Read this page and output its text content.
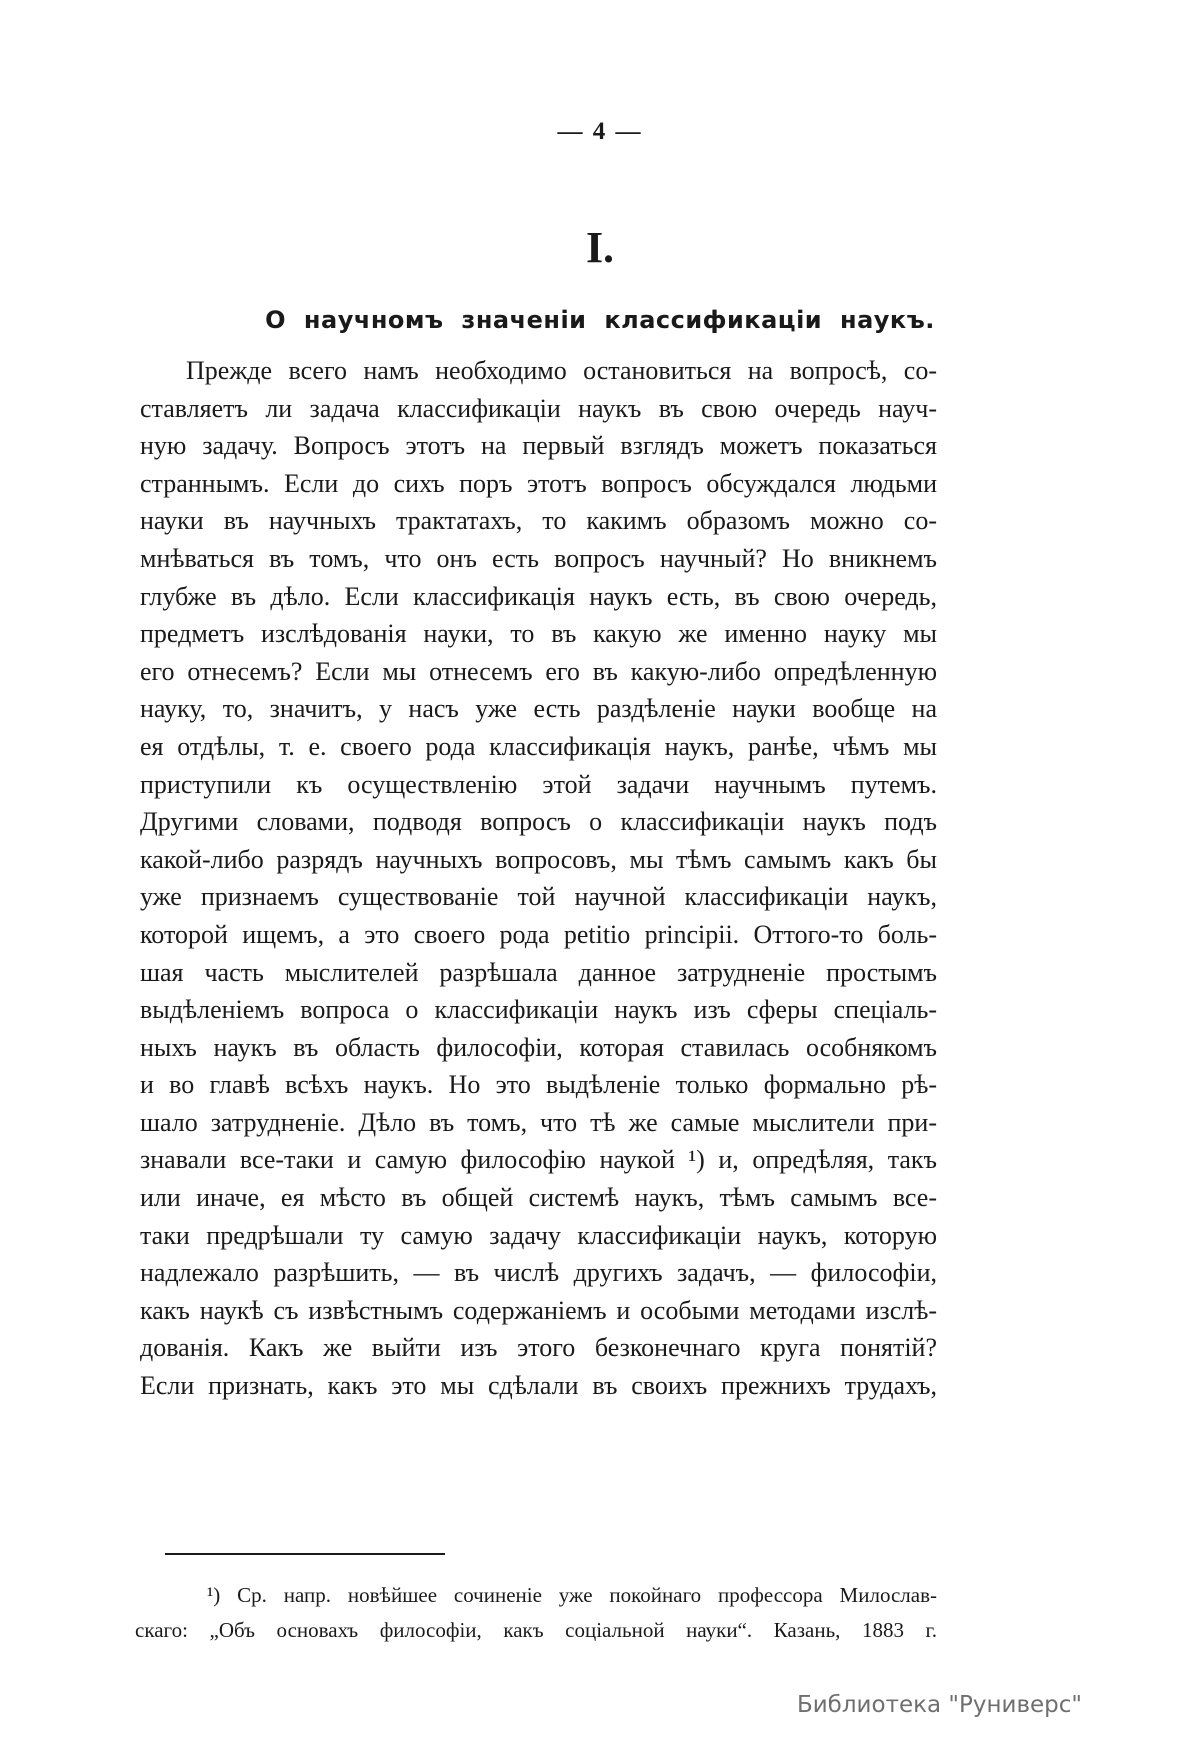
— 4 —
I.
О научномъ значеніи классификаціи наукъ.
Прежде всего намъ необходимо остановиться на вопросѣ, со-
ставляетъ ли задача классификаціи наукъ въ свою очередь науч-
ную задачу. Вопросъ этотъ на первый взглядъ можетъ показаться
страннымъ. Если до сихъ поръ этотъ вопросъ обсуждался людьми
науки въ научныхъ трактатахъ, то какимъ образомъ можно со-
мнѣваться въ томъ, что онъ есть вопросъ научный? Но вникнемъ
глубже въ дѣло. Если классификація наукъ есть, въ свою очередь,
предметъ изслѣдованія науки, то въ какую же именно науку мы
его отнесемъ? Если мы отнесемъ его въ какую-либо опредѣленную
науку, то, значитъ, у насъ уже есть раздѣленіе науки вообще на
ея отдѣлы, т. е. своего рода классификація наукъ, ранѣе, чѣмъ мы
приступили къ осуществленію этой задачи научнымъ путемъ.
Другими словами, подводя вопросъ о классификаціи наукъ подъ
какой-либо разрядъ научныхъ вопросовъ, мы тѣмъ самымъ какъ бы
уже признаемъ существованіе той научной классификаціи наукъ,
которой ищемъ, а это своего рода petitio principii. Оттого-то боль-
шая часть мыслителей разрѣшала данное затрудненіе простымъ
выдѣленіемъ вопроса о классификаціи наукъ изъ сферы спеціаль-
ныхъ наукъ въ область философіи, которая ставилась особнякомъ
и во главѣ всѣхъ наукъ. Но это выдѣленіе только формально рѣ-
шало затрудненіе. Дѣло въ томъ, что тѣ же самые мыслители при-
знавали все-таки и самую философію наукой ¹) и, опредѣляя, такъ
или иначе, ея мѣсто въ общей системѣ наукъ, тѣмъ самымъ все-
таки предрѣшали ту самую задачу классификаціи наукъ, которую
надлежало разрѣшить, — въ числѣ другихъ задачъ, — философіи,
какъ наукѣ съ извѣстнымъ содержаніемъ и особыми методами изслѣ-
дованія. Какъ же выйти изъ этого безконечнаго круга понятій?
Если признать, какъ это мы сдѣлали въ своихъ прежнихъ трудахъ,
¹) Ср. напр. новѣйшее сочиненіе уже покойнаго профессора Милослав-
скаго: „Объ основахъ философіи, какъ соціальной науки“. Казань, 1883 г.
Библиотека "Руниверс"
